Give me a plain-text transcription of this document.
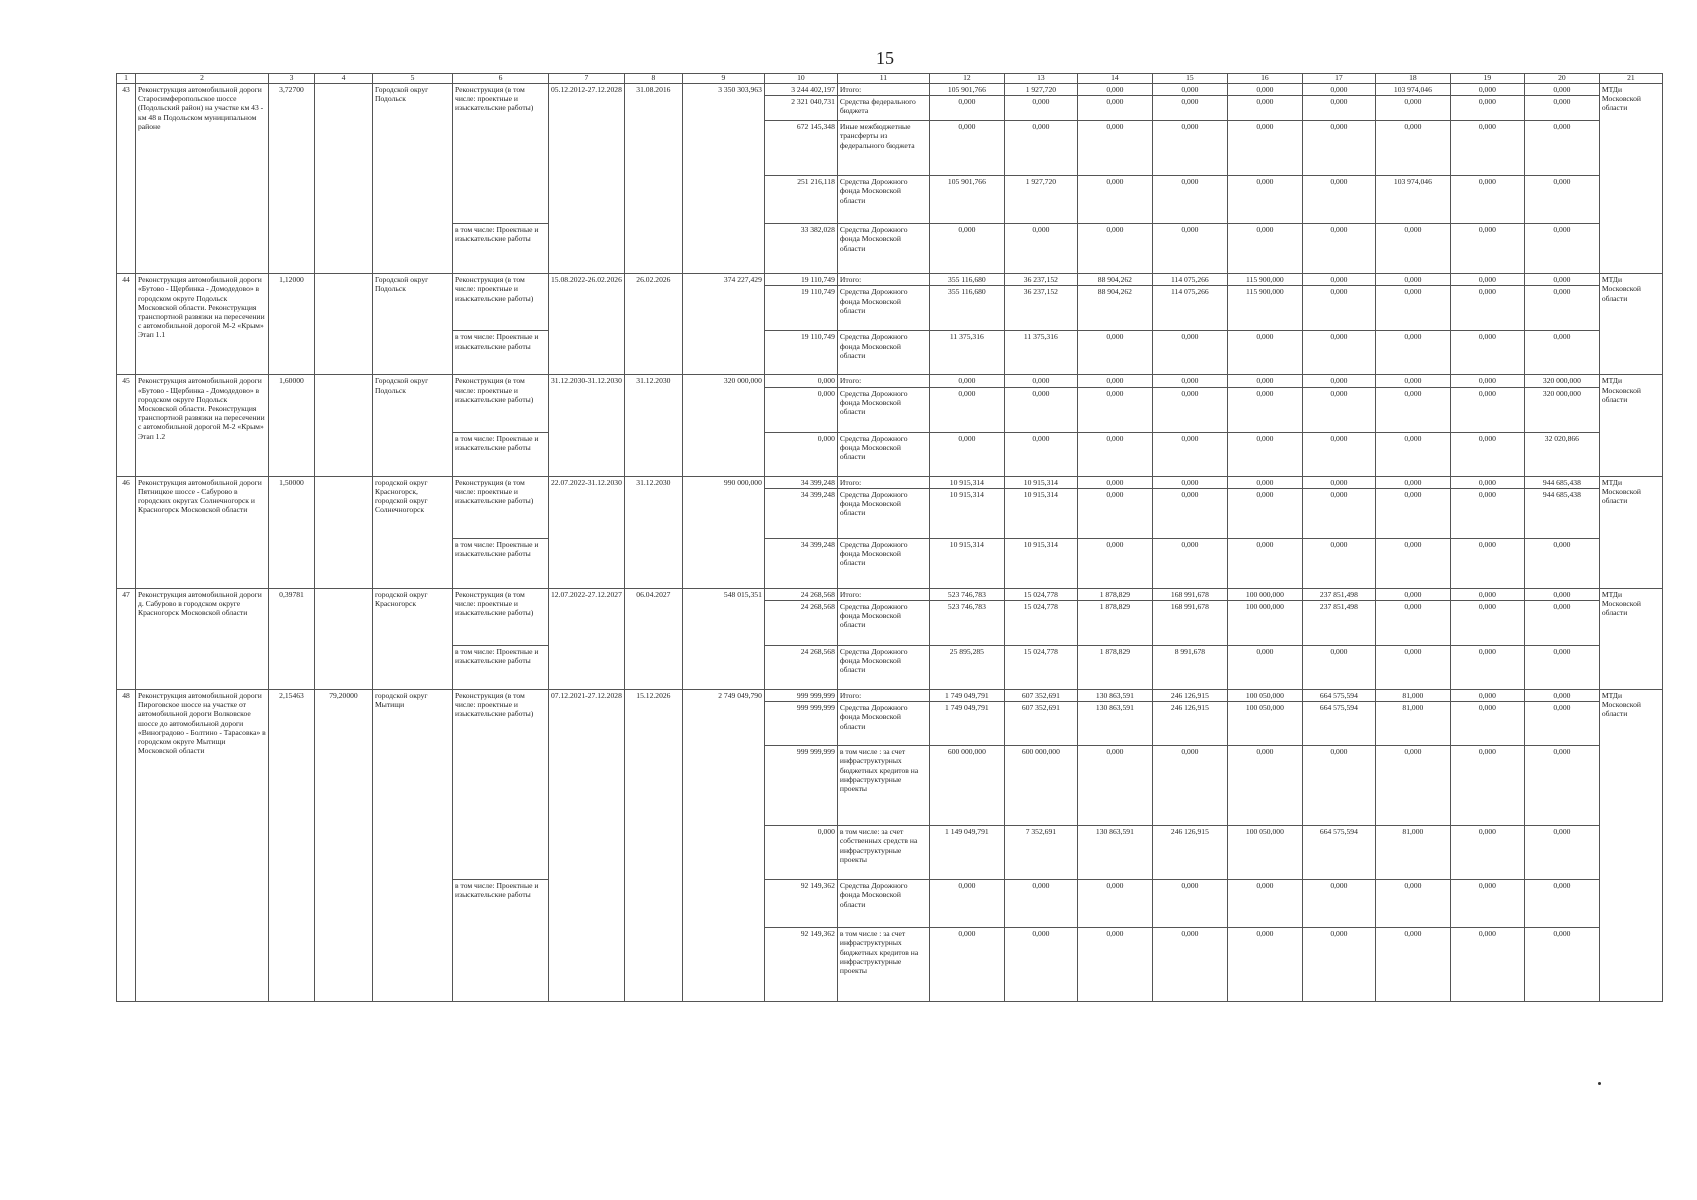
15
1	2	3	4	5	6	7	8	9	10	11	12	13	14	15	16	17	18	19	20	21
43	Реконструкция автомобильной дороги Старосимферопольское шоссе (Подольский район) на участке км 43 - км 48 в Подольском муниципальном районе	3,72700		Городской округ Подольск	Реконструкция (в том числе: проектные и изыскательские работы)	05.12.2012-27.12.2028	31.08.2016	3 350 303,963	3 244 402,197	Итого:	105 901,766	1 927,720	0,000	0,000	0,000	0,000	103 974,046	0,000	0,000	МТДи Московской области
									2 321 040,731	Средства федерального бюджета	0,000	0,000	0,000	0,000	0,000	0,000	0,000	0,000	0,000	
									672 145,348	Иные межбюджетные трансферты из федерального бюджета	0,000	0,000	0,000	0,000	0,000	0,000	0,000	0,000	0,000	
									251 216,118	Средства Дорожного фонда Московской области	105 901,766	1 927,720	0,000	0,000	0,000	0,000	103 974,046	0,000	0,000	
					в том числе: Проектные и изыскательские работы				33 382,028	Средства Дорожного фонда Московской области	0,000	0,000	0,000	0,000	0,000	0,000	0,000	0,000	0,000	
44	Реконструкция автомобильной дороги «Бутово - Щербинка - Домодедово» в городском округе Подольск Московской области. Реконструкция транспортной развязки на пересечении с автомобильной дорогой М-2 «Крым» Этап 1.1	1,12000		Городской округ Подольск	Реконструкция (в том числе: проектные и изыскательские работы)	15.08.2022-26.02.2026	26.02.2026	374 227,429	19 110,749	Итого:	355 116,680	36 237,152	88 904,262	114 075,266	115 900,000	0,000	0,000	0,000	0,000	МТДи Московской области
									19 110,749	Средства Дорожного фонда Московской области	355 116,680	36 237,152	88 904,262	114 075,266	115 900,000	0,000	0,000	0,000	0,000	
					в том числе: Проектные и изыскательские работы				19 110,749	Средства Дорожного фонда Московской области	11 375,316	11 375,316	0,000	0,000	0,000	0,000	0,000	0,000	0,000	
45	Реконструкция автомобильной дороги «Бутово - Щербинка - Домодедово» в городском округе Подольск Московской области. Реконструкция транспортной развязки на пересечении с автомобильной дорогой М-2 «Крым» Этап 1.2	1,60000		Городской округ Подольск	Реконструкция (в том числе: проектные и изыскательские работы)	31.12.2030-31.12.2030	31.12.2030	320 000,000	0,000	Итого:	0,000	0,000	0,000	0,000	0,000	0,000	0,000	0,000	320 000,000	МТДи Московской области
									0,000	Средства Дорожного фонда Московской области	0,000	0,000	0,000	0,000	0,000	0,000	0,000	0,000	320 000,000	
					в том числе: Проектные и изыскательские работы				0,000	Средства Дорожного фонда Московской области	0,000	0,000	0,000	0,000	0,000	0,000	0,000	0,000	32 020,866	
46	Реконструкция автомобильной дороги Пятницкое шоссе - Сабурово в городских округах Солнечногорск и Красногорск Московской области	1,50000		городской округ Красногорск, городской округ Солнечногорск	Реконструкция (в том числе: проектные и изыскательские работы)	22.07.2022-31.12.2030	31.12.2030	990 000,000	34 399,248	Итого:	10 915,314	10 915,314	0,000	0,000	0,000	0,000	0,000	0,000	944 685,438	МТДи Московской области
									34 399,248	Средства Дорожного фонда Московской области	10 915,314	10 915,314	0,000	0,000	0,000	0,000	0,000	0,000	944 685,438	
					в том числе: Проектные и изыскательские работы				34 399,248	Средства Дорожного фонда Московской области	10 915,314	10 915,314	0,000	0,000	0,000	0,000	0,000	0,000	0,000	
47	Реконструкция автомобильной дороги д. Сабурово в городском округе Красногорск Московской области	0,39781		городской округ Красногорск	Реконструкция (в том числе: проектные и изыскательские работы)	12.07.2022-27.12.2027	06.04.2027	548 015,351	24 268,568	Итого:	523 746,783	15 024,778	1 878,829	168 991,678	100 000,000	237 851,498	0,000	0,000	0,000	МТДи Московской области
									24 268,568	Средства Дорожного фонда Московской области	523 746,783	15 024,778	1 878,829	168 991,678	100 000,000	237 851,498	0,000	0,000	0,000	
					в том числе: Проектные и изыскательские работы				24 268,568	Средства Дорожного фонда Московской области	25 895,285	15 024,778	1 878,829	8 991,678	0,000	0,000	0,000	0,000	0,000	
48	Реконструкция автомобильной дороги Пироговское шоссе на участке от автомобильной дороги Волковское шоссе до автомобильной дороги «Виноградово - Болтино - Тарасовка» в городском округе Мытищи Московской области	2,15463	79,20000	городской округ Мытищи	Реконструкция (в том числе: проектные и изыскательские работы)	07.12.2021-27.12.2028	15.12.2026	2 749 049,790	999 999,999	Итого:	1 749 049,791	607 352,691	130 863,591	246 126,915	100 050,000	664 575,594	81,000	0,000	0,000	МТДи Московской области
									999 999,999	Средства Дорожного фонда Московской области	1 749 049,791	607 352,691	130 863,591	246 126,915	100 050,000	664 575,594	81,000	0,000	0,000	
									999 999,999	в том числе : за счет инфраструктурных бюджетных кредитов на инфраструктурные проекты	600 000,000	600 000,000	0,000	0,000	0,000	0,000	0,000	0,000	0,000	
									0,000	в том числе: за счет собственных средств на инфраструктурные проекты	1 149 049,791	7 352,691	130 863,591	246 126,915	100 050,000	664 575,594	81,000	0,000	0,000	
					в том числе: Проектные и изыскательские работы				92 149,362	Средства Дорожного фонда Московской области	0,000	0,000	0,000	0,000	0,000	0,000	0,000	0,000	0,000	
									92 149,362	в том числе : за счет инфраструктурных бюджетных кредитов на инфраструктурные проекты	0,000	0,000	0,000	0,000	0,000	0,000	0,000	0,000	0,000	
